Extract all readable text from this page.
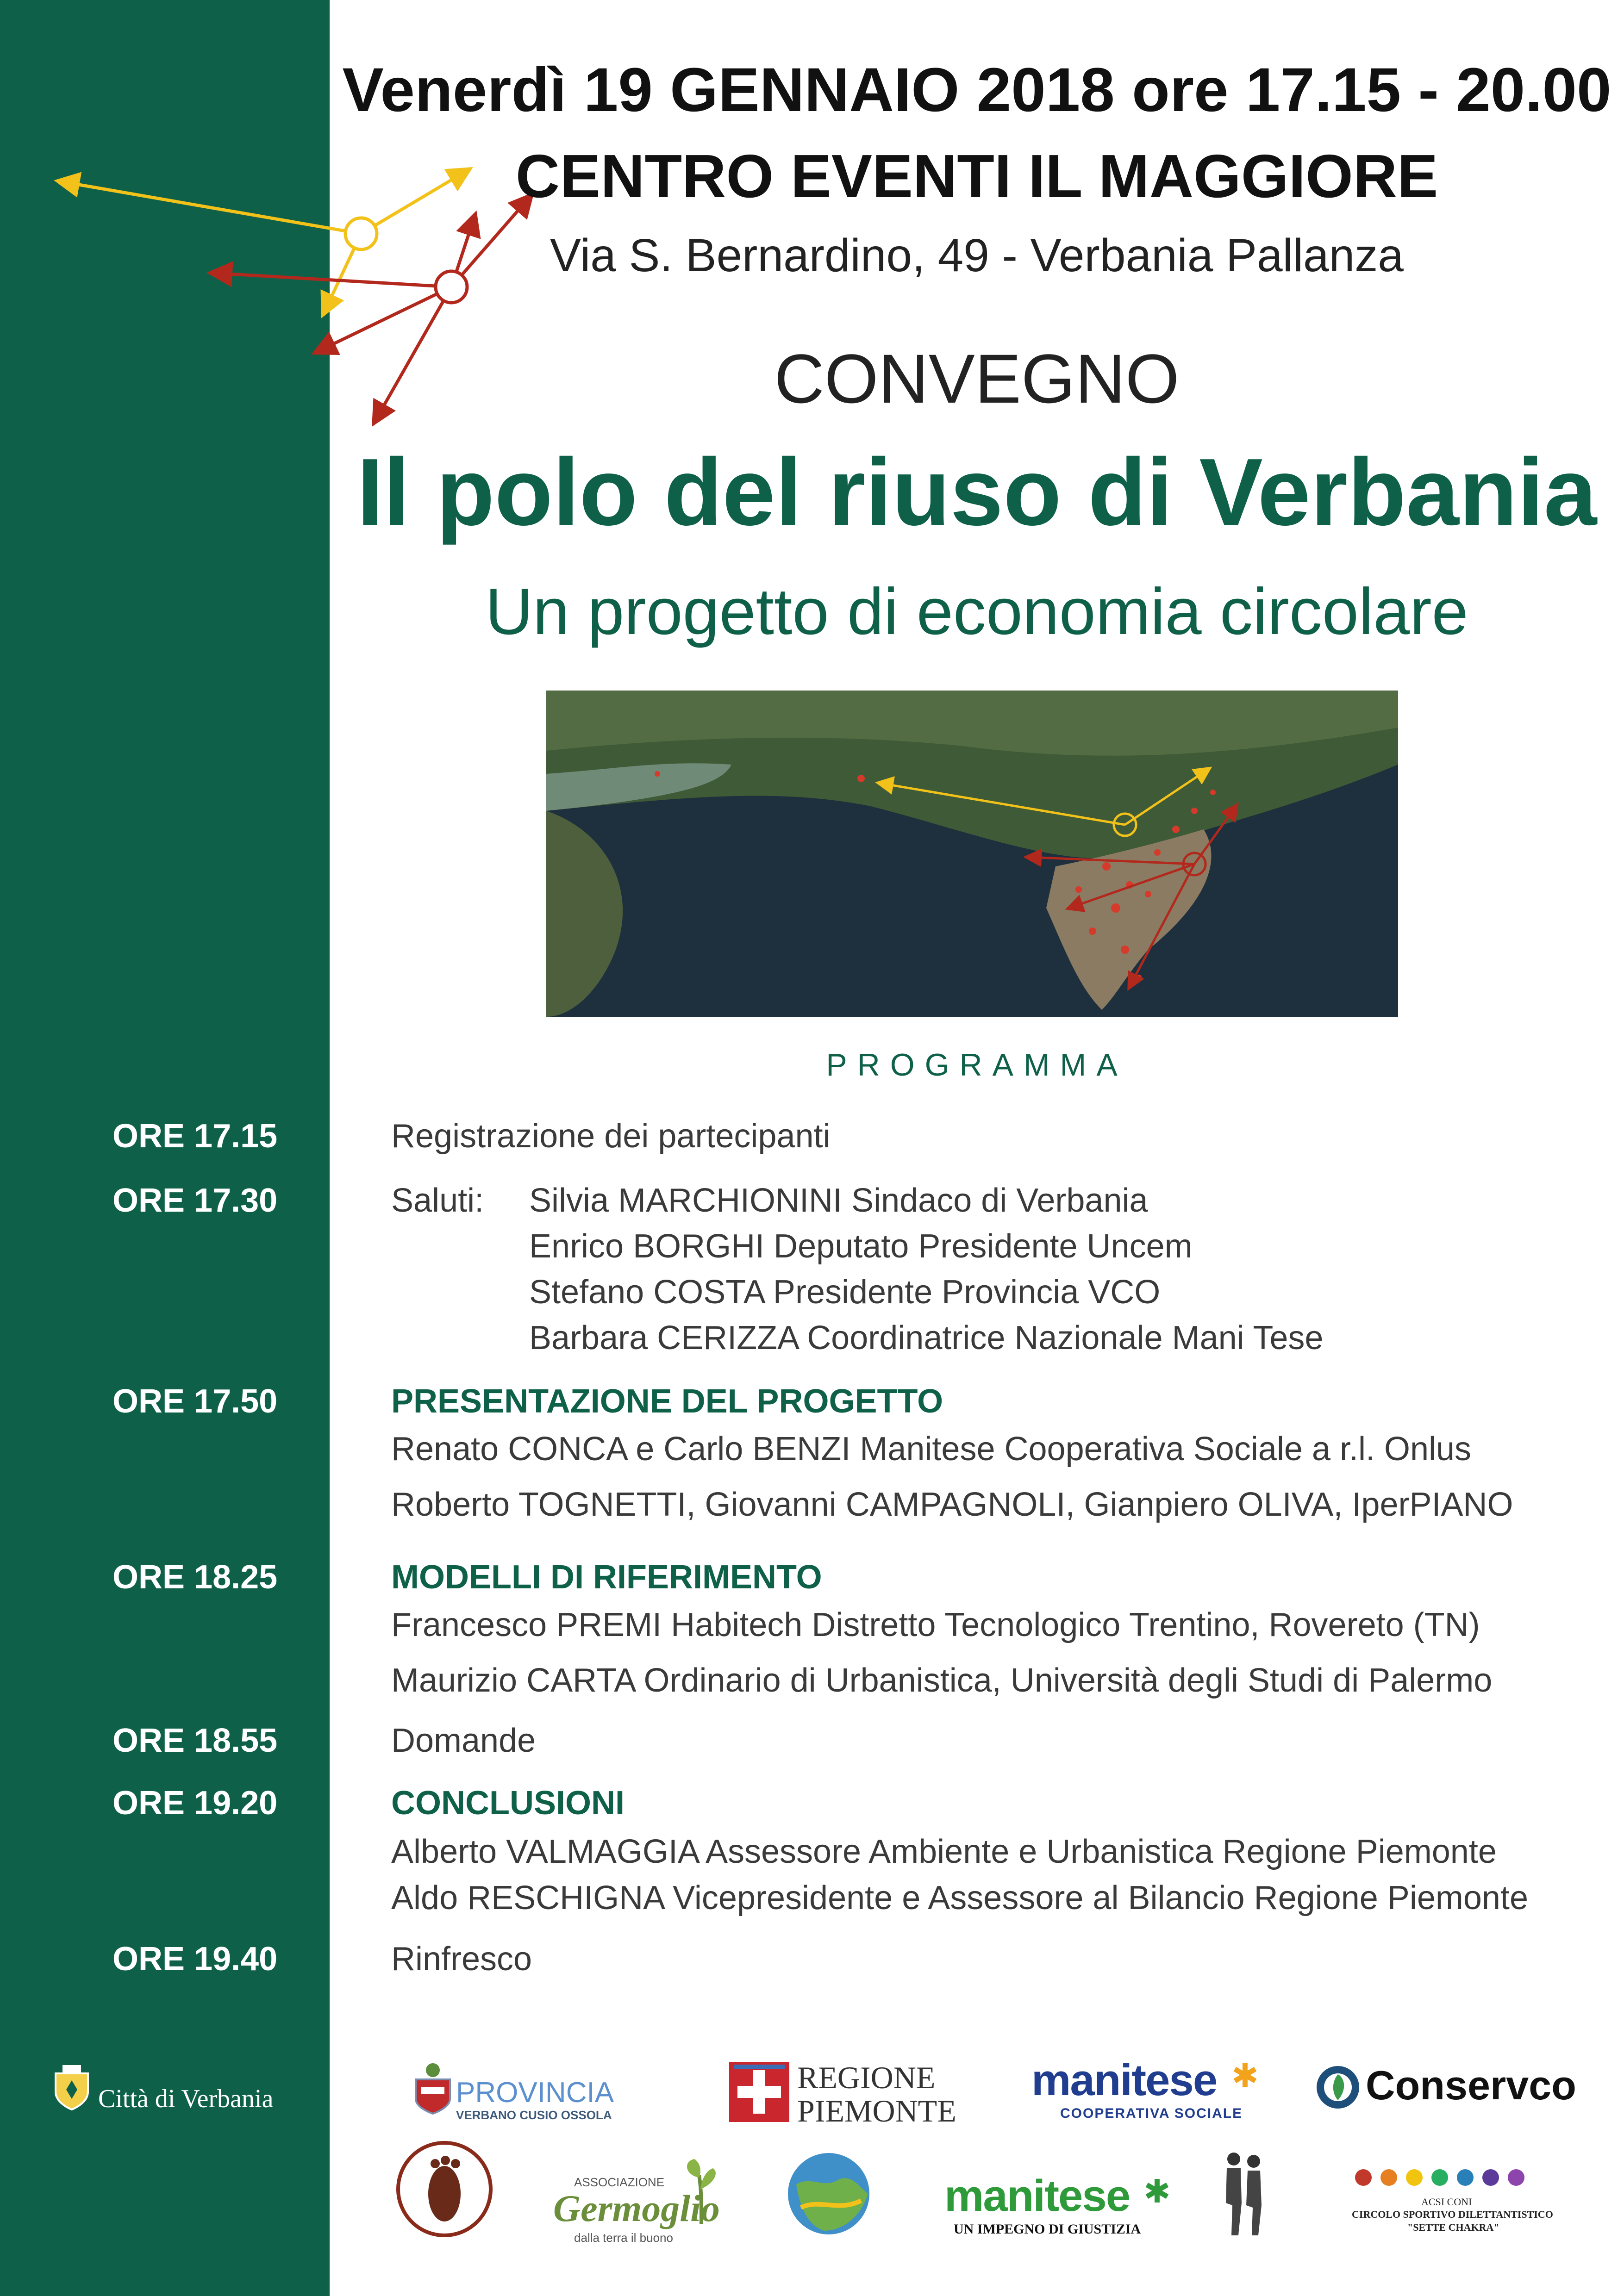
Venerdì 19 GENNAIO 2018 ore 17.15 - 20.00
CENTRO EVENTI IL MAGGIORE
Via S. Bernardino, 49 - Verbania Pallanza
CONVEGNO
Il polo del riuso di Verbania
Un progetto di economia circolare
PROGRAMMA
ORE 17.15	Registrazione dei partecipanti
ORE 17.30	Saluti: Silvia MARCHIONINI Sindaco di Verbania
Enrico BORGHI Deputato Presidente Uncem
Stefano COSTA Presidente Provincia VCO
Barbara CERIZZA Coordinatrice Nazionale Mani Tese
ORE 17.50	PRESENTAZIONE DEL PROGETTO
Renato CONCA e Carlo BENZI Manitese Cooperativa Sociale a r.l. Onlus
Roberto TOGNETTI, Giovanni CAMPAGNOLI, Gianpiero OLIVA, IperPIANO
ORE 18.25	MODELLI DI RIFERIMENTO
Francesco PREMI Habitech Distretto Tecnologico Trentino, Rovereto (TN)
Maurizio CARTA Ordinario di Urbanistica, Università degli Studi di Palermo
ORE 18.55	Domande
ORE 19.20	CONCLUSIONI
Alberto VALMAGGIA Assessore Ambiente e Urbanistica Regione Piemonte
Aldo RESCHIGNA Vicepresidente e Assessore al Bilancio Regione Piemonte
ORE 19.40	Rinfresco
Città di Verbania	PROVINCIA
VERBANO CUSIO OSSOLA
REGIONE
PIEMONTE
manitese ✱
COOPERATIVA SOCIALE
Conservco
ASSOCIAZIONE
Germoglio
dalla terra il buono
manitese ✱
UN IMPEGNO DI GIUSTIZIA
ACSI CONI
CIRCOLO SPORTIVO DILETTANTISTICO
"SETTE CHAKRA"
